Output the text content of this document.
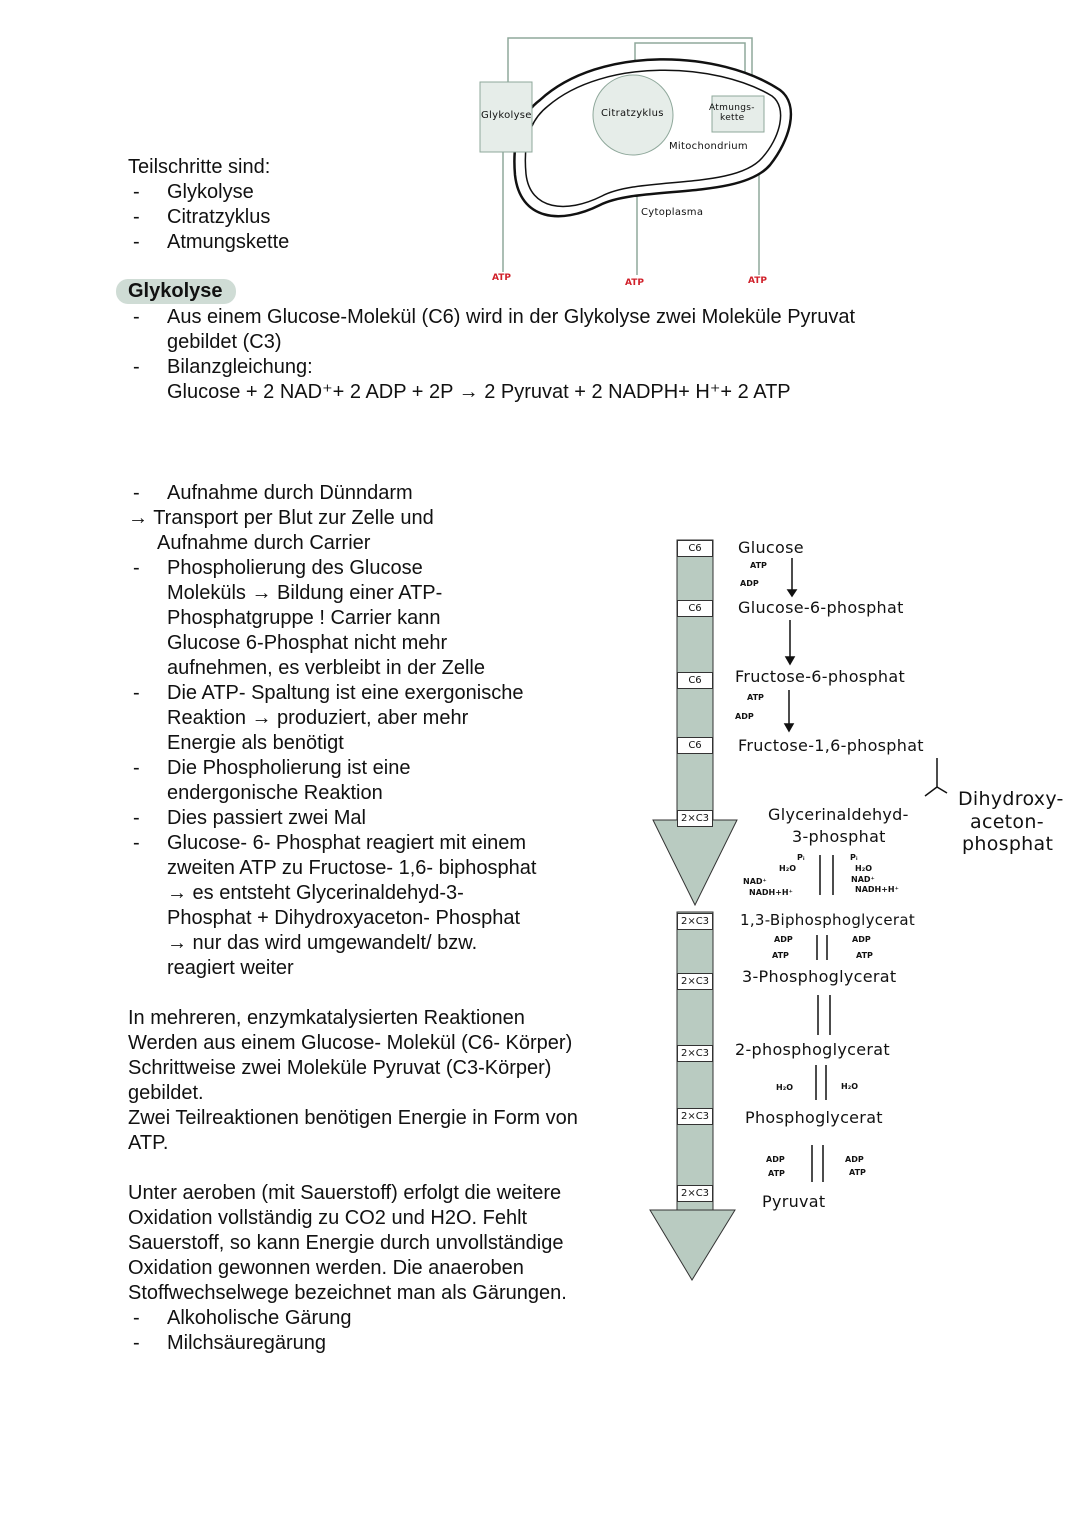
Teilschritte sind:
Glykolyse
-
Citratzyklus
-
Atmungskette
-
Glykolyse
Aus einem Glucose-Molekül (C6) wird in der Glykolyse zwei Moleküle Pyruvat
-
gebildet (C3)
Bilanzgleichung:
-
Glucose + 2 NAD⁺+ 2 ADP + 2P → 2 Pyruvat + 2 NADPH+ H⁺+ 2 ATP
Aufnahme durch Dünndarm
-
→ Transport per Blut zur Zelle und
Aufnahme durch Carrier
Phospholierung des Glucose
-
Moleküls → Bildung einer ATP-
Phosphatgruppe ! Carrier kann
Glucose 6-Phosphat nicht mehr
aufnehmen, es verbleibt in der Zelle
Die ATP- Spaltung ist eine exergonische
-
Reaktion → produziert, aber mehr
Energie als benötigt
Die Phospholierung ist eine
-
endergonische Reaktion
Dies passiert zwei Mal
-
Glucose- 6- Phosphat reagiert mit einem
-
zweiten ATP zu Fructose- 1,6- biphosphat
→ es entsteht Glycerinaldehyd-3-
Phosphat + Dihydroxyaceton- Phosphat
→ nur das wird umgewandelt/ bzw.
reagiert weiter
In mehreren, enzymkatalysierten Reaktionen
Werden aus einem Glucose- Molekül (C6- Körper)
Schrittweise zwei Moleküle Pyruvat (C3-Körper)
gebildet.
Zwei Teilreaktionen benötigen Energie in Form von
ATP.
Unter aeroben (mit Sauerstoff) erfolgt die weitere
Oxidation vollständig zu CO2 und H2O. Fehlt
Sauerstoff, so kann Energie durch unvollständige
Oxidation gewonnen werden. Die anaeroben
Stoffwechselwege bezeichnet man als Gärungen.
Alkoholische Gärung
-
Milchsäuregärung
-
Glykolyse	Citratzyklus	Atmungs-
kette
Mitochondrium
Cytoplasma
ATP	ATP	ATP
C6
C6
C6
C6
2×C3
2×C3
2×C3
2×C3
2×C3
2×C3
Glucose
ATP
ADP
Glucose-6-phosphat
Fructose-6-phosphat
ATP
ADP
Fructose-1,6-phosphat
Glycerinaldehyd-
3-phosphat
Dihydroxy-
aceton-
phosphat
Pᵢ	Pᵢ
H₂O	H₂O
NAD⁺	NAD⁺
NADH+H⁺	NADH+H⁺
1,3-Biphosphoglycerat
ADP	ADP
ATP	ATP
3-Phosphoglycerat
2-phosphoglycerat
H₂O	H₂O
Phosphoglycerat
ADP	ADP
ATP	ATP
Pyruvat
